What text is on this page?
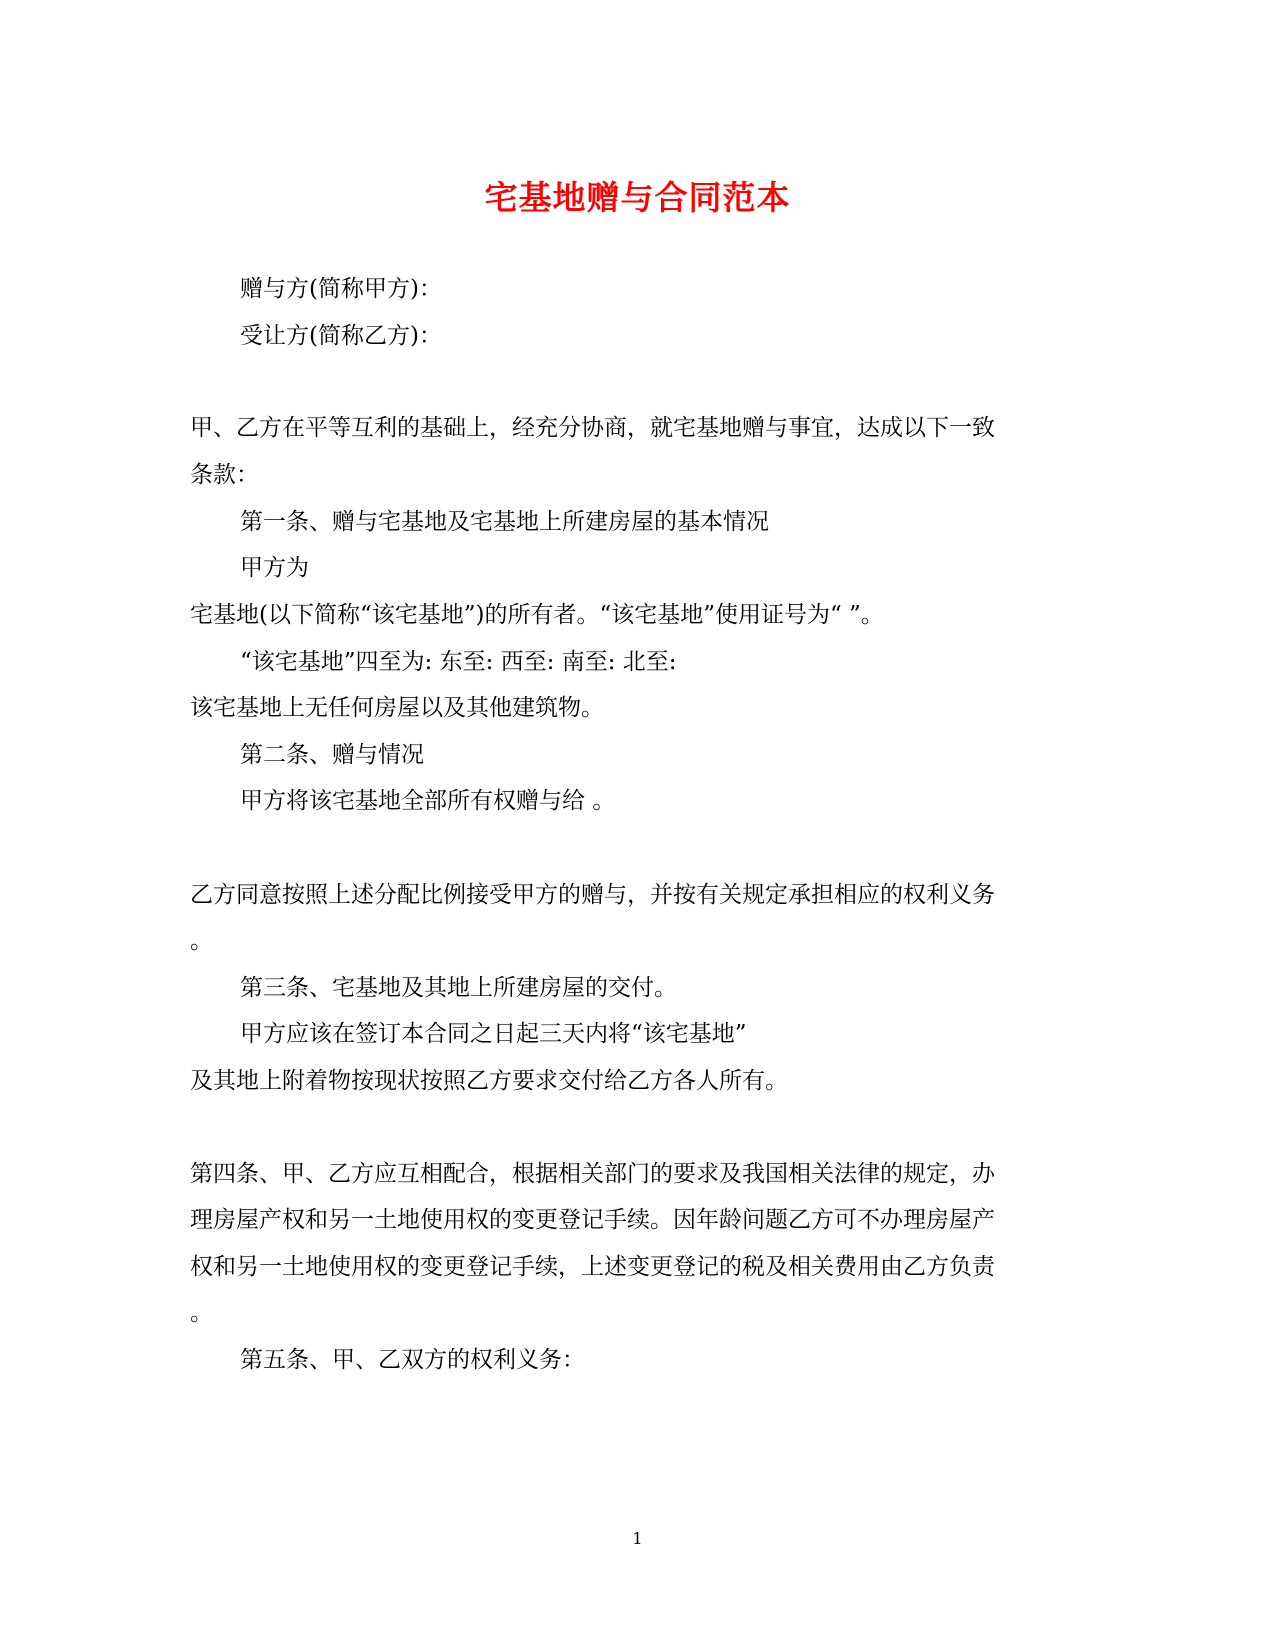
宅基地赠与合同范本
赠与方(简称甲方)：
受让方(简称乙方)：
甲、乙方在平等互利的基础上，经充分协商，就宅基地赠与事宜，达成以下一致
条款：
第一条、赠与宅基地及宅基地上所建房屋的基本情况
甲方为
宅基地(以下简称“该宅基地”)的所有者。“该宅基地”使用证号为“ ”。
“该宅基地”四至为: 东至: 西至: 南至: 北至:
该宅基地上无任何房屋以及其他建筑物。
第二条、赠与情况
甲方将该宅基地全部所有权赠与给 。
乙方同意按照上述分配比例接受甲方的赠与，并按有关规定承担相应的权利义务
。
第三条、宅基地及其地上所建房屋的交付。
甲方应该在签订本合同之日起三天内将“该宅基地”
及其地上附着物按现状按照乙方要求交付给乙方各人所有。
第四条、甲、乙方应互相配合，根据相关部门的要求及我国相关法律的规定，办
理房屋产权和另一土地使用权的变更登记手续。因年龄问题乙方可不办理房屋产
权和另一土地使用权的变更登记手续，上述变更登记的税及相关费用由乙方负责
。
第五条、甲、乙双方的权利义务：
1
